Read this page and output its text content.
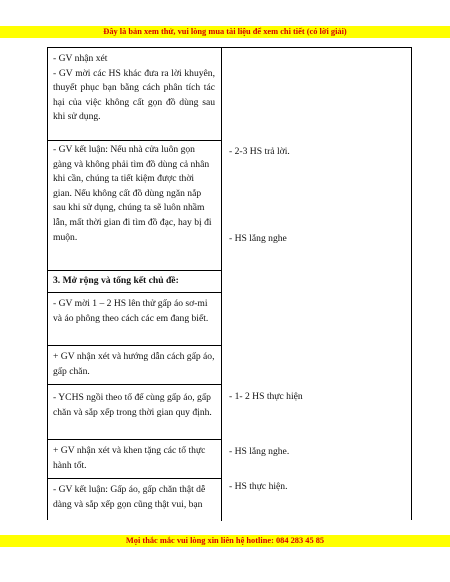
Đây là bản xem thử, vui lòng mua tài liệu để xem chi tiết (có lời giải)

- GV nhận xét

- GV mời các HS khác đưa ra lời khuyên, thuyết phục bạn bằng cách phân tích tác hại của việc không cất gọn đồ dùng sau khi sử dụng.

- GV kết luận: Nếu nhà cửa luôn gọn gàng và không phải tìm đồ dùng cả nhân khi cần, chúng ta tiết kiệm được thời gian. Nếu không cất đồ dùng ngăn nắp sau khi sử dụng, chúng ta sẽ luôn nhầm lẫn, mất thời gian đi tìm đồ đạc, hay bị đi muộn.

3. Mở rộng và tổng kết chủ đề:

- GV mời 1 – 2 HS lên thử gấp áo sơ-mi và áo phông theo cách các em đang biết.

+ GV nhận xét và hướng dẫn cách gấp áo, gấp chăn.

- YCHS ngồi theo tổ để cùng gấp áo, gấp chăn và sắp xếp trong thời gian quy định.

+ GV nhận xét và khen tặng các tổ thực hành tốt.

- GV kết luận: Gấp áo, gấp chăn thật dễ dàng và sắp xếp gọn cũng thật vui, bạn

- 2-3 HS trả lời.
- HS lắng nghe
- 1- 2 HS thực hiện
- HS lắng nghe.
- HS thực hiện.
Mọi thắc mắc vui lòng xin liên hệ hotline: 084 283 45 85
